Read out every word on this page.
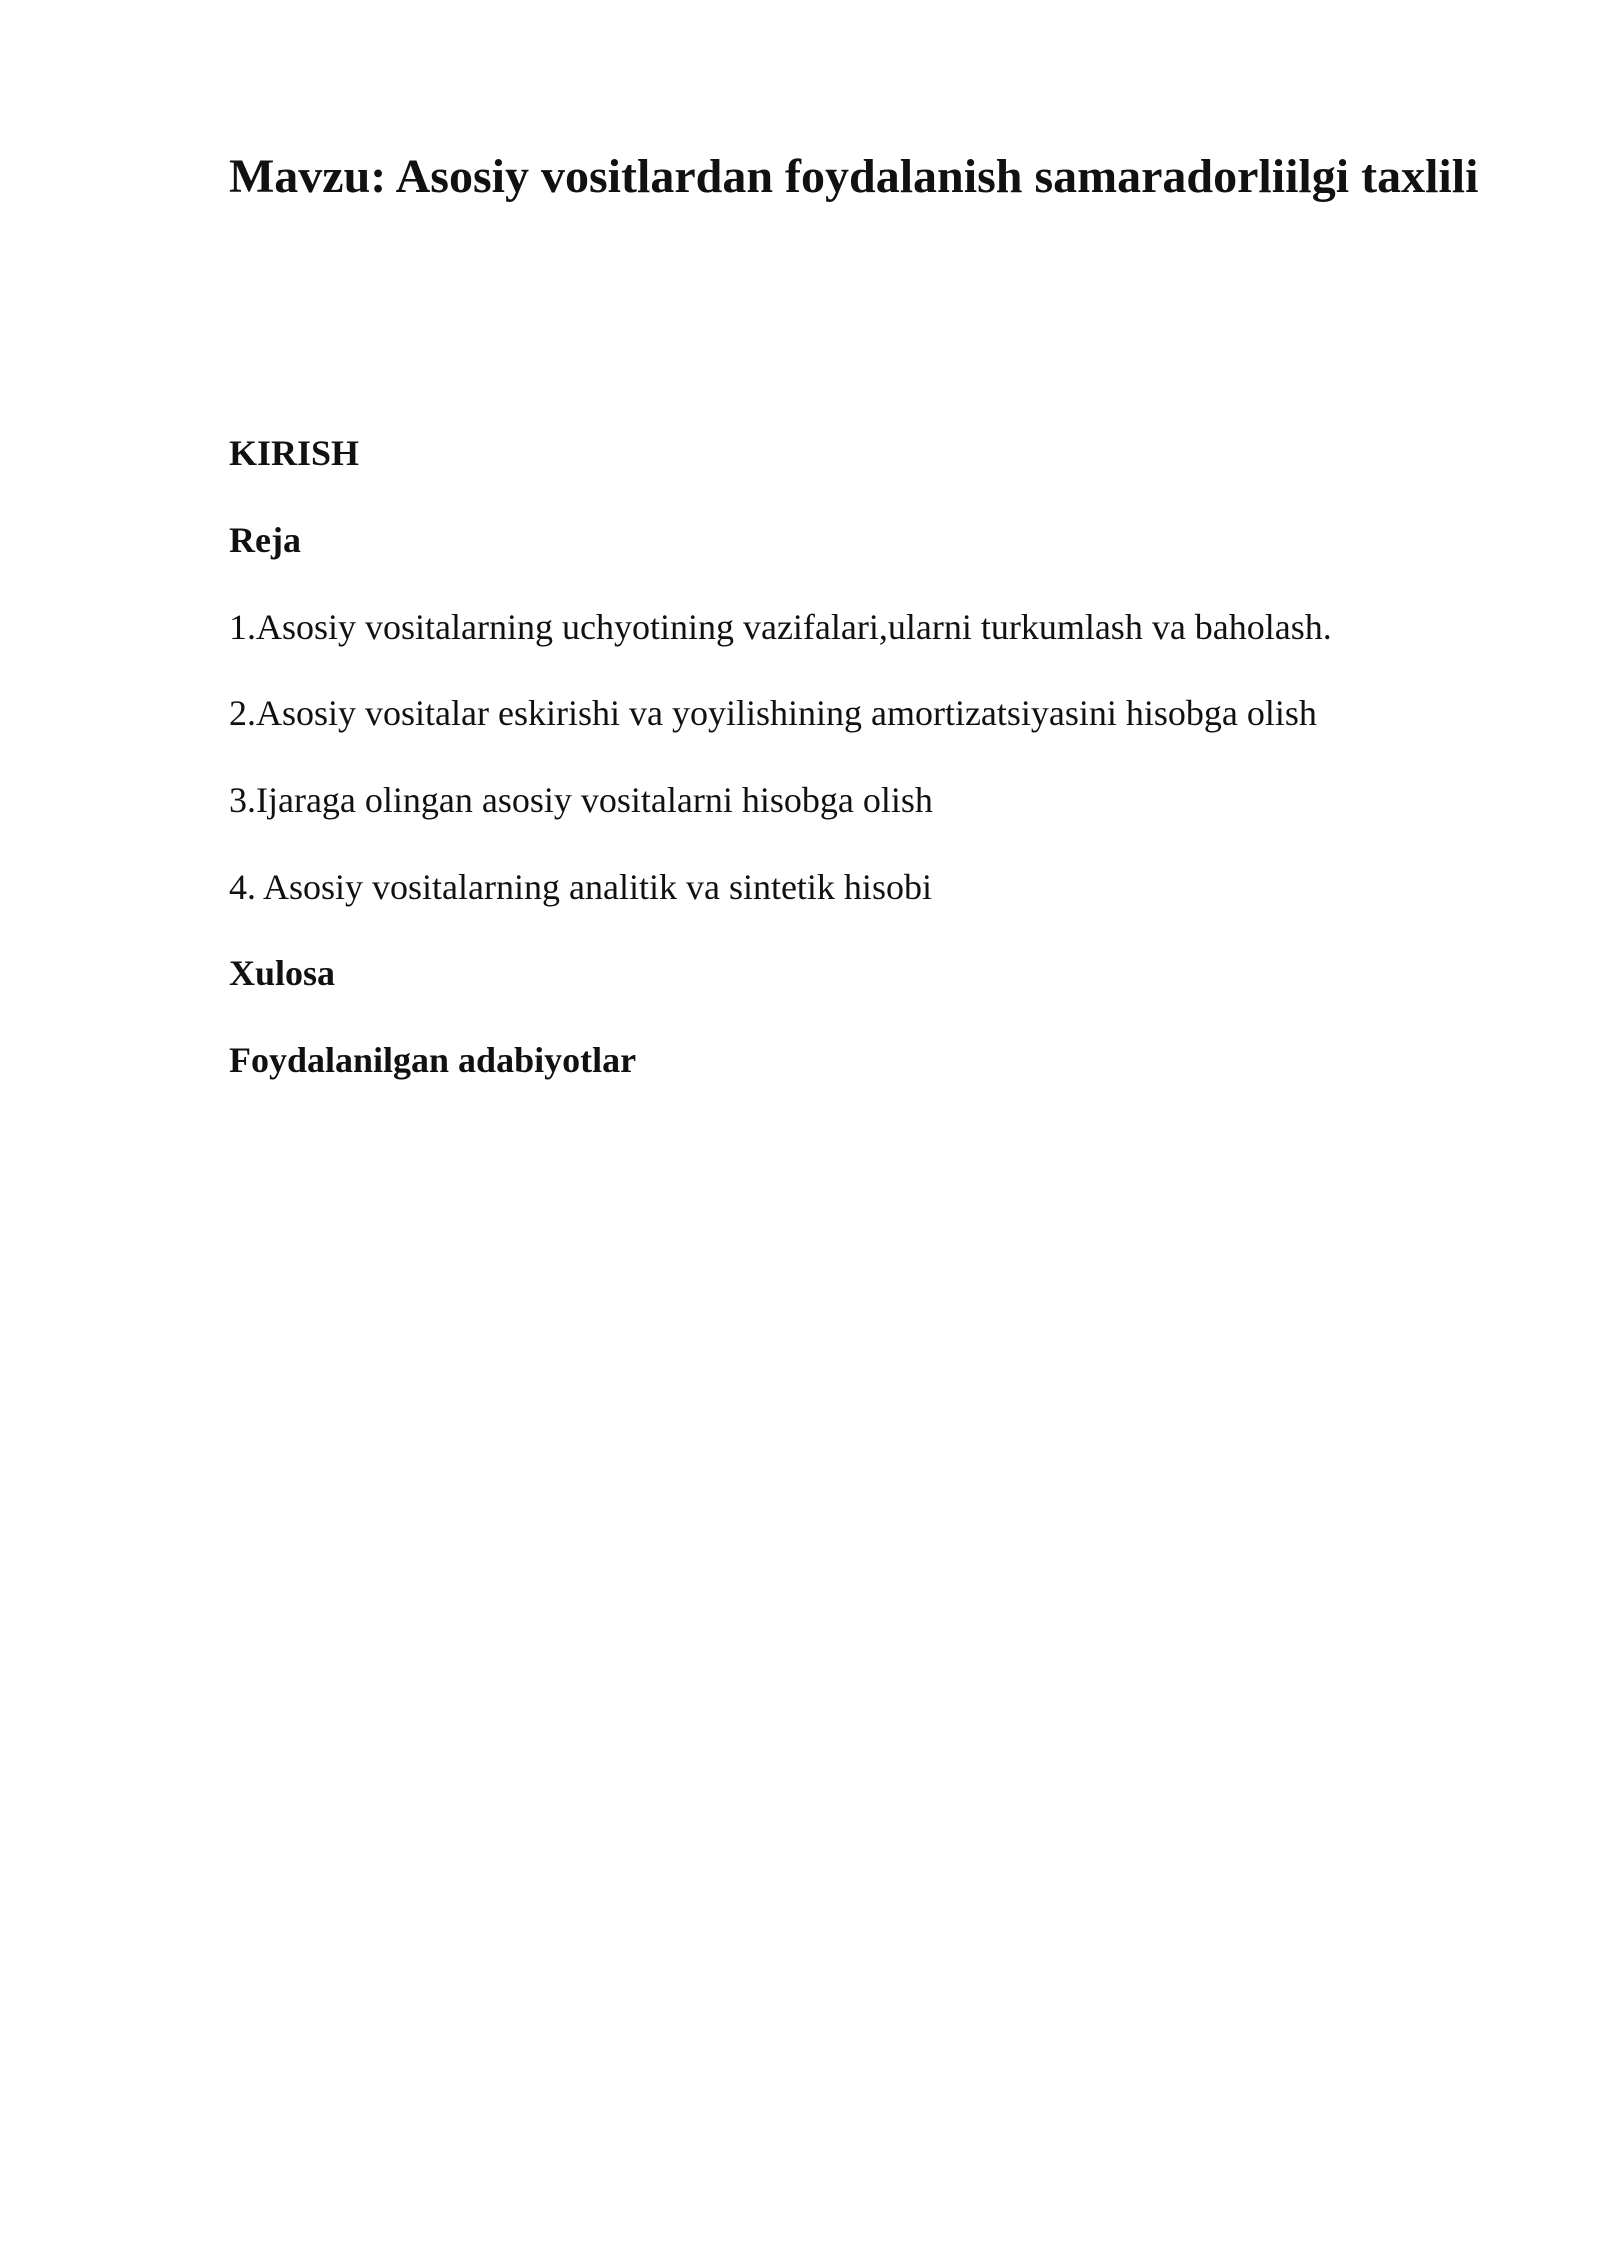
Mavzu: Asosiy vositlardan foydalanish samaradorliilgi taxlili

KIRISH

Reja

1.Asosiy vositalarning uchyotining vazifalari,ularni turkumlash va baholash.

2.Asosiy vositalar eskirishi va yoyilishining amortizatsiyasini hisobga olish

3.Ijaraga olingan asosiy vositalarni hisobga olish

4. Asosiy vositalarning analitik va sintetik hisobi

Xulosa

Foydalanilgan adabiyotlar
